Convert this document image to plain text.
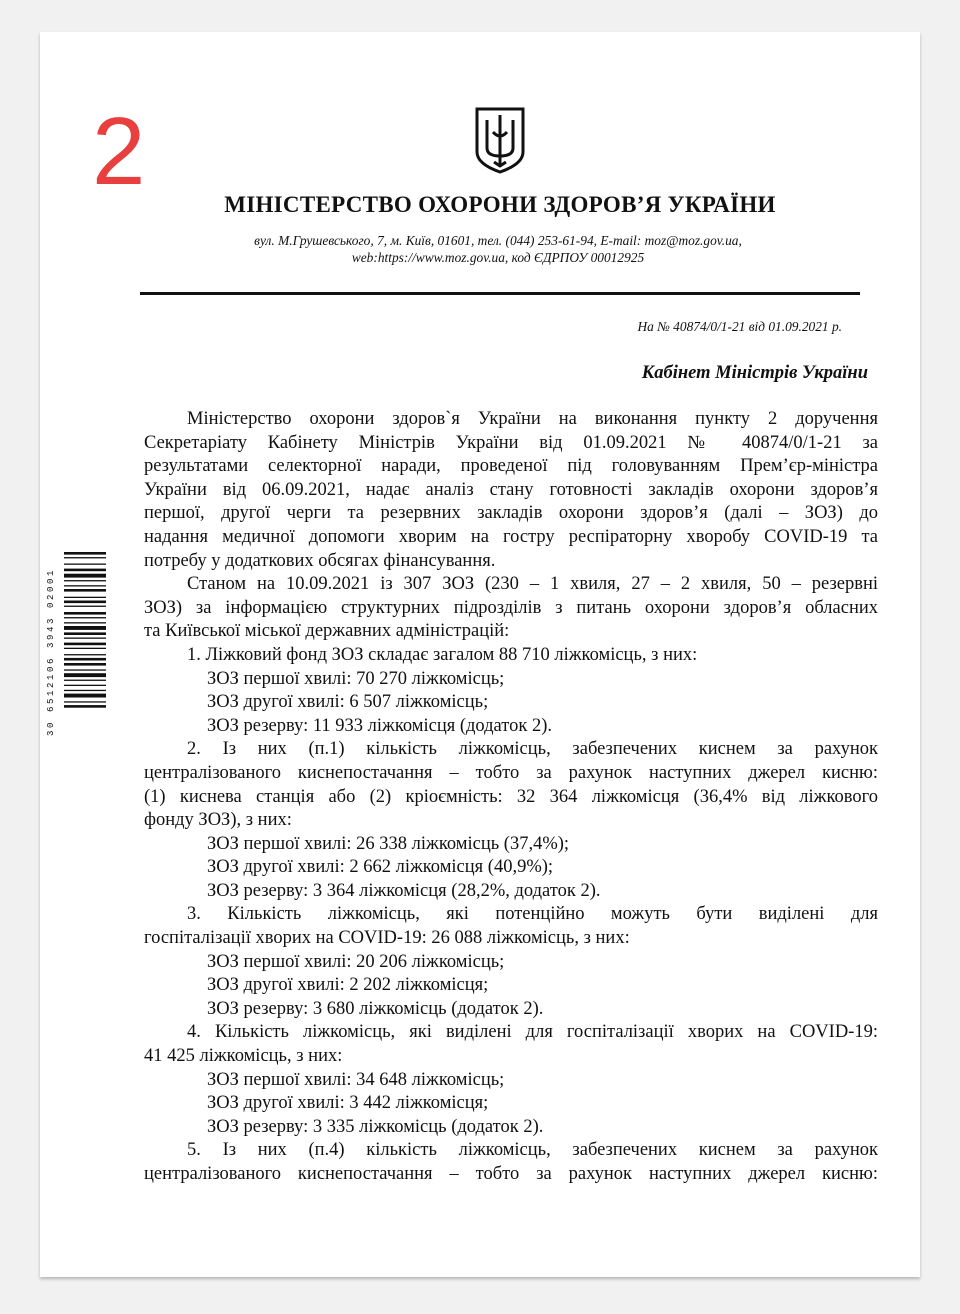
2	МІНІСТЕРСТВО ОХОРОНИ ЗДОРОВ’Я УКРАЇНИ
вул. М.Грушевського, 7, м. Київ, 01601, тел. (044) 253-61-94, E-mail: moz@moz.gov.ua,
web:https://www.moz.gov.ua, код ЄДРПОУ 00012925
На № 40874/0/1-21 від 01.09.2021 р.
Кабінет Міністрів України
30 6512106 3943 02001

Міністерство охорони здоров`я України на виконання пункту 2 доручення

Секретаріату Кабінету Міністрів України від 01.09.2021 № 40874/0/1-21 за

результатами селекторної наради, проведеної під головуванням Прем’єр-міністра

України від 06.09.2021, надає аналіз стану готовності закладів охорони здоров’я

першої, другої черги та резервних закладів охорони здоров’я (далі – ЗОЗ) до

надання медичної допомоги хворим на гостру респіраторну хворобу COVID-19 та

потребу у додаткових обсягах фінансування.

Станом на 10.09.2021 із 307 ЗОЗ (230 – 1 хвиля, 27 – 2 хвиля, 50 – резервні

ЗОЗ) за інформацією структурних підрозділів з питань охорони здоров’я обласних

та Київської міської державних адміністрацій:

1. Ліжковий фонд ЗОЗ складає загалом 88 710 ліжкомісць, з них:

ЗОЗ першої хвилі: 70 270 ліжкомісць;

ЗОЗ другої хвилі: 6 507 ліжкомісць;

ЗОЗ резерву: 11 933 ліжкомісця (додаток 2).

2. Із них (п.1) кількість ліжкомісць, забезпечених киснем за рахунок

централізованого киснепостачання – тобто за рахунок наступних джерел кисню:

(1) киснева станція або (2) кріоємність: 32 364 ліжкомісця (36,4% від ліжкового

фонду ЗОЗ), з них:

ЗОЗ першої хвилі: 26 338 ліжкомісць (37,4%);

ЗОЗ другої хвилі: 2 662 ліжкомісця (40,9%);

ЗОЗ резерву: 3 364 ліжкомісця (28,2%, додаток 2).

3. Кількість ліжкомісць, які потенційно можуть бути виділені для

госпіталізації хворих на COVID-19: 26 088 ліжкомісць, з них:

ЗОЗ першої хвилі: 20 206 ліжкомісць;

ЗОЗ другої хвилі: 2 202 ліжкомісця;

ЗОЗ резерву: 3 680 ліжкомісць (додаток 2).

4. Кількість ліжкомісць, які виділені для госпіталізації хворих на COVID-19:

41 425 ліжкомісць, з них:

ЗОЗ першої хвилі: 34 648 ліжкомісць;

ЗОЗ другої хвилі: 3 442 ліжкомісця;

ЗОЗ резерву: 3 335 ліжкомісць (додаток 2).

5. Із них (п.4) кількість ліжкомісць, забезпечених киснем за рахунок

централізованого киснепостачання – тобто за рахунок наступних джерел кисню:
